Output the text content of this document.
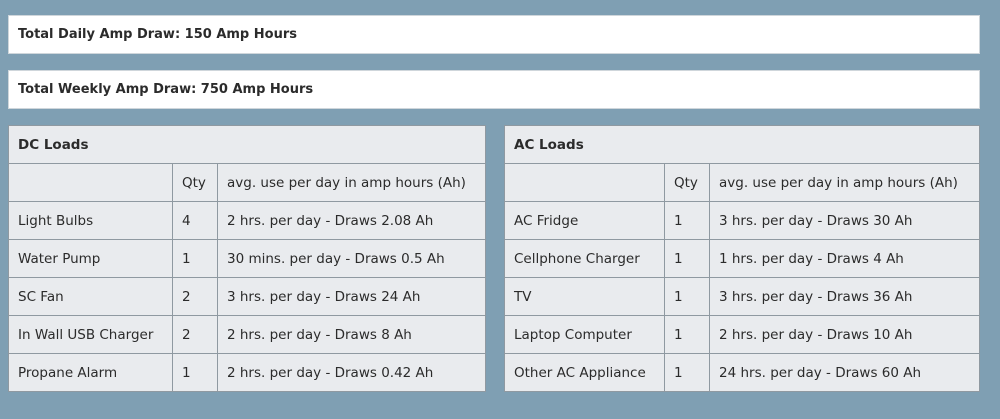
Total Daily Amp Draw: 150 Amp Hours
Total Weekly Amp Draw: 750 Amp Hours
DC Loads		
	Qty	avg. use per day in amp hours (Ah)
Light Bulbs	4	2 hrs. per day - Draws 2.08 Ah
Water Pump	1	30 mins. per day - Draws 0.5 Ah
SC Fan	2	3 hrs. per day - Draws 24 Ah
In Wall USB Charger	2	2 hrs. per day - Draws 8 Ah
Propane Alarm	1	2 hrs. per day - Draws 0.42 Ah
AC Loads		
	Qty	avg. use per day in amp hours (Ah)
AC Fridge	1	3 hrs. per day - Draws 30 Ah
Cellphone Charger	1	1 hrs. per day - Draws 4 Ah
TV	1	3 hrs. per day - Draws 36 Ah
Laptop Computer	1	2 hrs. per day - Draws 10 Ah
Other AC Appliance	1	24 hrs. per day - Draws 60 Ah
